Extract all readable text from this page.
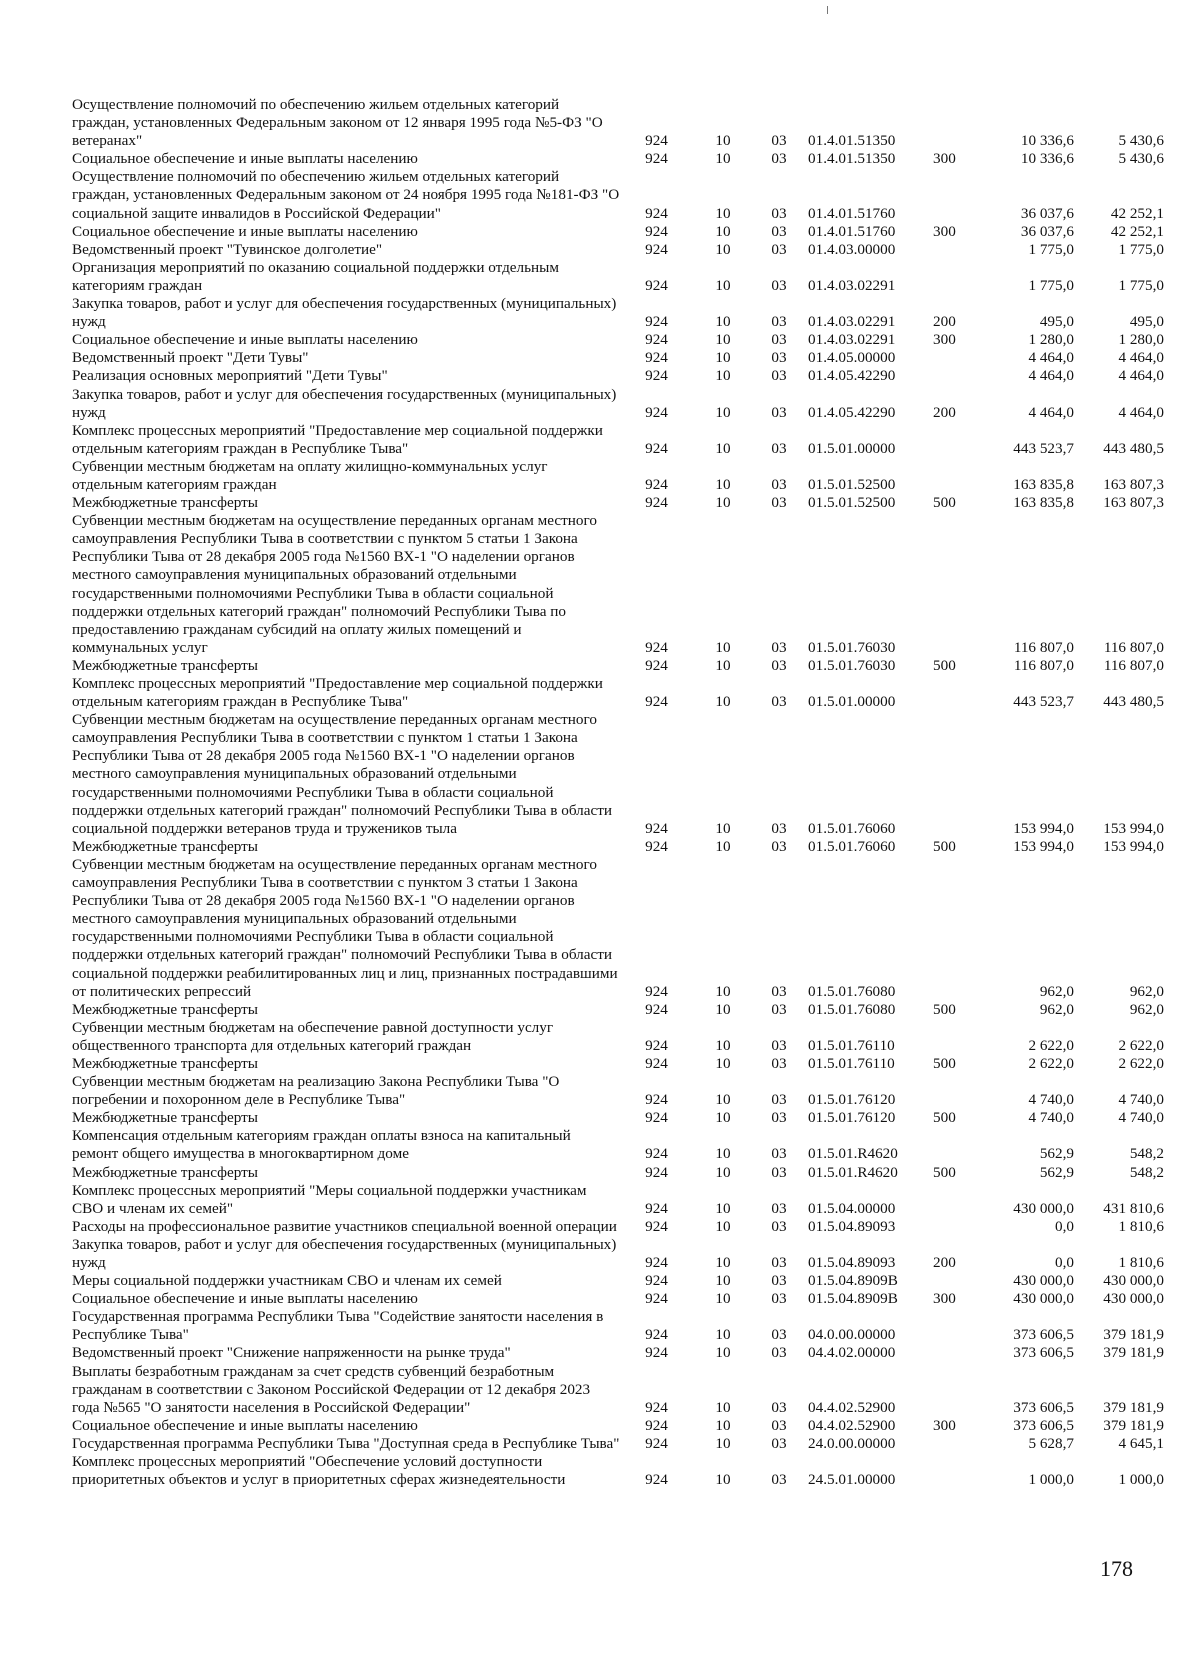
Осуществление полномочий по обеспечению жильем отдельных категорий граждан, установленных Федеральным законом от 12 января 1995 года №5-ФЗ "О ветеранах"	924	10	03	01.4.01.51350		10 336,6	5 430,6
Социальное обеспечение и иные выплаты населению	924	10	03	01.4.01.51350	300	10 336,6	5 430,6
Осуществление полномочий по обеспечению жильем отдельных категорий граждан, установленных Федеральным законом от 24 ноября 1995 года №181-ФЗ "О социальной защите инвалидов в Российской Федерации"	924	10	03	01.4.01.51760		36 037,6	42 252,1
Социальное обеспечение и иные выплаты населению	924	10	03	01.4.01.51760	300	36 037,6	42 252,1
Ведомственный проект "Тувинское долголетие"	924	10	03	01.4.03.00000		1 775,0	1 775,0
Организация мероприятий по оказанию социальной поддержки отдельным категориям граждан	924	10	03	01.4.03.02291		1 775,0	1 775,0
Закупка товаров, работ и услуг для обеспечения государственных (муниципальных) нужд	924	10	03	01.4.03.02291	200	495,0	495,0
Социальное обеспечение и иные выплаты населению	924	10	03	01.4.03.02291	300	1 280,0	1 280,0
Ведомственный проект "Дети Тувы"	924	10	03	01.4.05.00000		4 464,0	4 464,0
Реализация основных мероприятий "Дети Тувы"	924	10	03	01.4.05.42290		4 464,0	4 464,0
Закупка товаров, работ и услуг для обеспечения государственных (муниципальных) нужд	924	10	03	01.4.05.42290	200	4 464,0	4 464,0
Комплекс процессных мероприятий "Предоставление мер социальной поддержки отдельным категориям граждан в Республике Тыва"	924	10	03	01.5.01.00000		443 523,7	443 480,5
Субвенции местным бюджетам на оплату жилищно-коммунальных услуг отдельным категориям граждан	924	10	03	01.5.01.52500		163 835,8	163 807,3
Межбюджетные трансферты	924	10	03	01.5.01.52500	500	163 835,8	163 807,3
Субвенции местным бюджетам на осуществление переданных органам местного самоуправления Республики Тыва в соответствии с пунктом 5 статьи 1 Закона Республики Тыва от 28 декабря 2005 года №1560 ВХ-1 "О наделении органов местного самоуправления муниципальных образований отдельными государственными полномочиями Республики Тыва в области социальной поддержки отдельных категорий граждан" полномочий Республики Тыва по предоставлению гражданам субсидий на оплату жилых помещений и коммунальных услуг	924	10	03	01.5.01.76030		116 807,0	116 807,0
Межбюджетные трансферты	924	10	03	01.5.01.76030	500	116 807,0	116 807,0
Комплекс процессных мероприятий "Предоставление мер социальной поддержки отдельным категориям граждан в Республике Тыва"	924	10	03	01.5.01.00000		443 523,7	443 480,5
Субвенции местным бюджетам на осуществление переданных органам местного самоуправления Республики Тыва в соответствии с пунктом 1 статьи 1 Закона Республики Тыва от 28 декабря 2005 года №1560 ВХ-1 "О наделении органов местного самоуправления муниципальных образований отдельными государственными полномочиями Республики Тыва в области социальной поддержки отдельных категорий граждан" полномочий Республики Тыва в области социальной поддержки ветеранов труда и тружеников тыла	924	10	03	01.5.01.76060		153 994,0	153 994,0
Межбюджетные трансферты	924	10	03	01.5.01.76060	500	153 994,0	153 994,0
Субвенции местным бюджетам на осуществление переданных органам местного самоуправления Республики Тыва в соответствии с пунктом 3 статьи 1 Закона Республики Тыва от 28 декабря 2005 года №1560 ВХ-1 "О наделении органов местного самоуправления муниципальных образований отдельными государственными полномочиями Республики Тыва в области социальной поддержки отдельных категорий граждан" полномочий Республики Тыва в области социальной поддержки реабилитированных лиц и лиц, признанных пострадавшими от политических репрессий	924	10	03	01.5.01.76080		962,0	962,0
Межбюджетные трансферты	924	10	03	01.5.01.76080	500	962,0	962,0
Субвенции местным бюджетам на обеспечение равной доступности услуг общественного транспорта для отдельных категорий граждан	924	10	03	01.5.01.76110		2 622,0	2 622,0
Межбюджетные трансферты	924	10	03	01.5.01.76110	500	2 622,0	2 622,0
Субвенции местным бюджетам на реализацию Закона Республики Тыва "О погребении и похоронном деле в Республике Тыва"	924	10	03	01.5.01.76120		4 740,0	4 740,0
Межбюджетные трансферты	924	10	03	01.5.01.76120	500	4 740,0	4 740,0
Компенсация отдельным категориям граждан оплаты взноса на капитальный ремонт общего имущества в многоквартирном доме	924	10	03	01.5.01.R4620		562,9	548,2
Межбюджетные трансферты	924	10	03	01.5.01.R4620	500	562,9	548,2
Комплекс процессных мероприятий "Меры социальной поддержки участникам СВО и членам их семей"	924	10	03	01.5.04.00000		430 000,0	431 810,6
Расходы на профессиональное развитие участников специальной военной операции	924	10	03	01.5.04.89093		0,0	1 810,6
Закупка товаров, работ и услуг для обеспечения государственных (муниципальных) нужд	924	10	03	01.5.04.89093	200	0,0	1 810,6
Меры социальной поддержки участникам СВО и членам их семей	924	10	03	01.5.04.8909В		430 000,0	430 000,0
Социальное обеспечение и иные выплаты населению	924	10	03	01.5.04.8909В	300	430 000,0	430 000,0
Государственная программа Республики Тыва "Содействие занятости населения в Республике Тыва"	924	10	03	04.0.00.00000		373 606,5	379 181,9
Ведомственный проект "Снижение напряженности на рынке труда"	924	10	03	04.4.02.00000		373 606,5	379 181,9
Выплаты безработным гражданам за счет средств субвенций безработным гражданам в соответствии с Законом Российской Федерации от 12 декабря 2023 года №565 "О занятости населения в Российской Федерации"	924	10	03	04.4.02.52900		373 606,5	379 181,9
Социальное обеспечение и иные выплаты населению	924	10	03	04.4.02.52900	300	373 606,5	379 181,9
Государственная программа Республики Тыва "Доступная среда в Республике Тыва"	924	10	03	24.0.00.00000		5 628,7	4 645,1
Комплекс процессных мероприятий "Обеспечение условий доступности приоритетных объектов и услуг в приоритетных сферах жизнедеятельности	924	10	03	24.5.01.00000		1 000,0	1 000,0
178
